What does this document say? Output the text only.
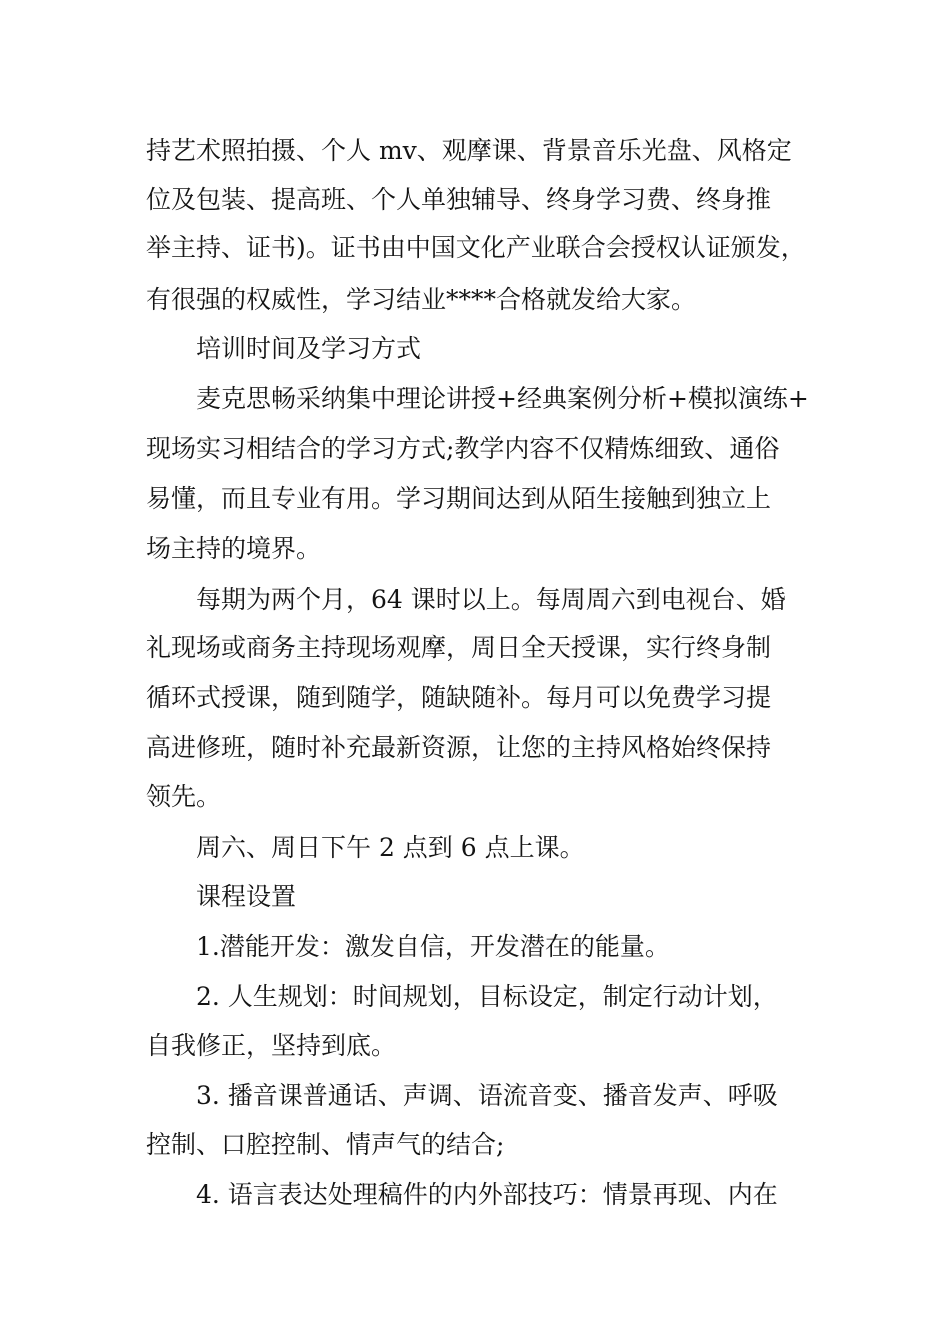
持艺术照拍摄、个人 mv、观摩课、背景音乐光盘、风格定
位及包装、提高班、个人单独辅导、终身学习费、终身推
举主持、证书)。证书由中国文化产业联合会授权认证颁发，
有很强的权威性，学习结业****合格就发给大家。
培训时间及学习方式
麦克思畅采纳集中理论讲授+经典案例分析+模拟演练+
现场实习相结合的学习方式;教学内容不仅精炼细致、通俗
易懂，而且专业有用。学习期间达到从陌生接触到独立上
场主持的境界。
每期为两个月，64 课时以上。每周周六到电视台、婚
礼现场或商务主持现场观摩，周日全天授课，实行终身制
循环式授课，随到随学，随缺随补。每月可以免费学习提
高进修班，随时补充最新资源，让您的主持风格始终保持
领先。
周六、周日下午 2 点到 6 点上课。
课程设置
1.潜能开发：激发自信，开发潜在的能量。
2. 人生规划：时间规划，目标设定，制定行动计划，
自我修正，坚持到底。
3. 播音课普通话、声调、语流音变、播音发声、呼吸
控制、口腔控制、情声气的结合;
4. 语言表达处理稿件的内外部技巧：情景再现、内在
